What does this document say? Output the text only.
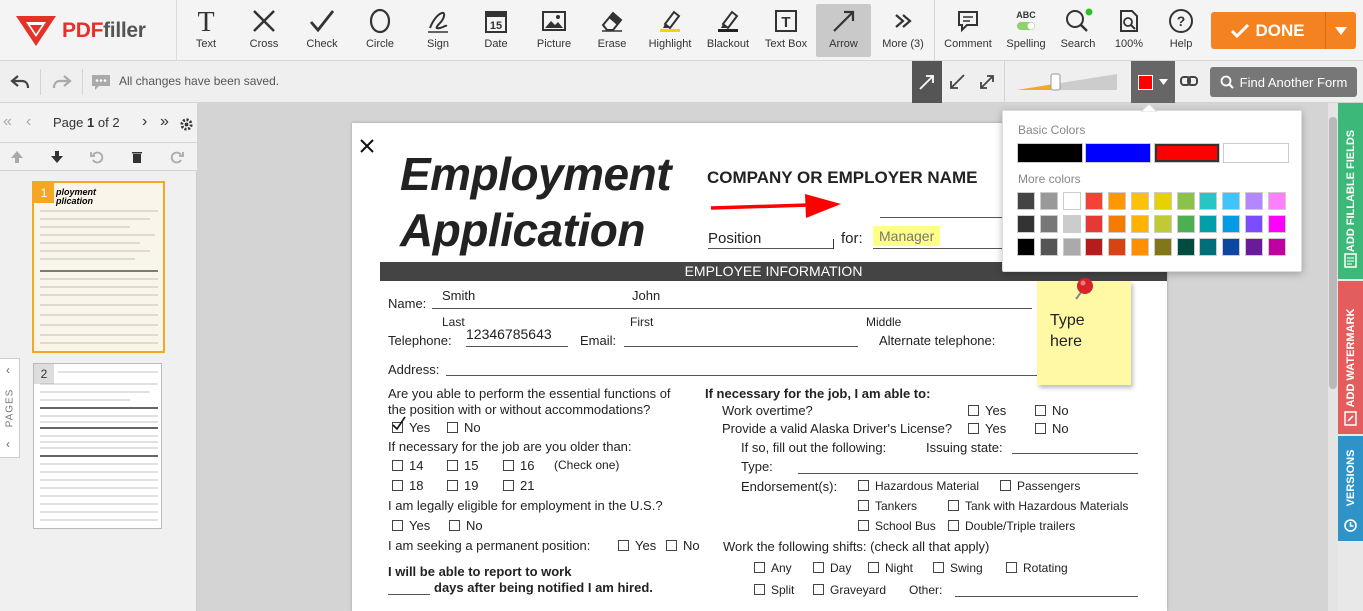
PDFfiller T
Text	Cross	Check	Circle	Sign
15
Date	Picture Erase Highlight Blackout
T
Text Box Arrow More (3) Comment
ABC
Spelling Search 100%
?
Help
DONE
All changes have been saved.	Find Another Form
« ‹ Page 1 of 2 › »
1 ployment
plication
2
‹
PAGES
‹
Employment
Application
COMPANY OR EMPLOYER NAME
Position	for:	Manager
EMPLOYEE INFORMATION
Name:
Smith	John
Last	First	Middle
Telephone: 12346785643 Email:	Alternate telephone:
Address:
Are you able to perform the essential functions of
the position with or without accommodations?
Yes	No
If necessary for the job are you older than:
14	15	16 (Check one)
18	19	21
I am legally eligible for employment in the U.S.?
Yes	No
I am seeking a permanent position:	Yes	No
I will be able to report to work
days after being notified I am hired.
If necessary for the job, I am able to:
Work overtime?	Yes	No
Provide a valid Alaska Driver's License?	Yes	No
If so, fill out the following:	Issuing state:
Type:
Endorsement(s):	Hazardous Material	Passengers
Tankers	Tank with Hazardous Materials
School Bus	Double/Triple trailers
Work the following shifts: (check all that apply)
Any	Day	Night	Swing	Rotating
Split	Graveyard Other:
Type here
Basic Colors
More colors	ADD FILLABLE FIELDS
ADD WATERMARK
VERSIONS
